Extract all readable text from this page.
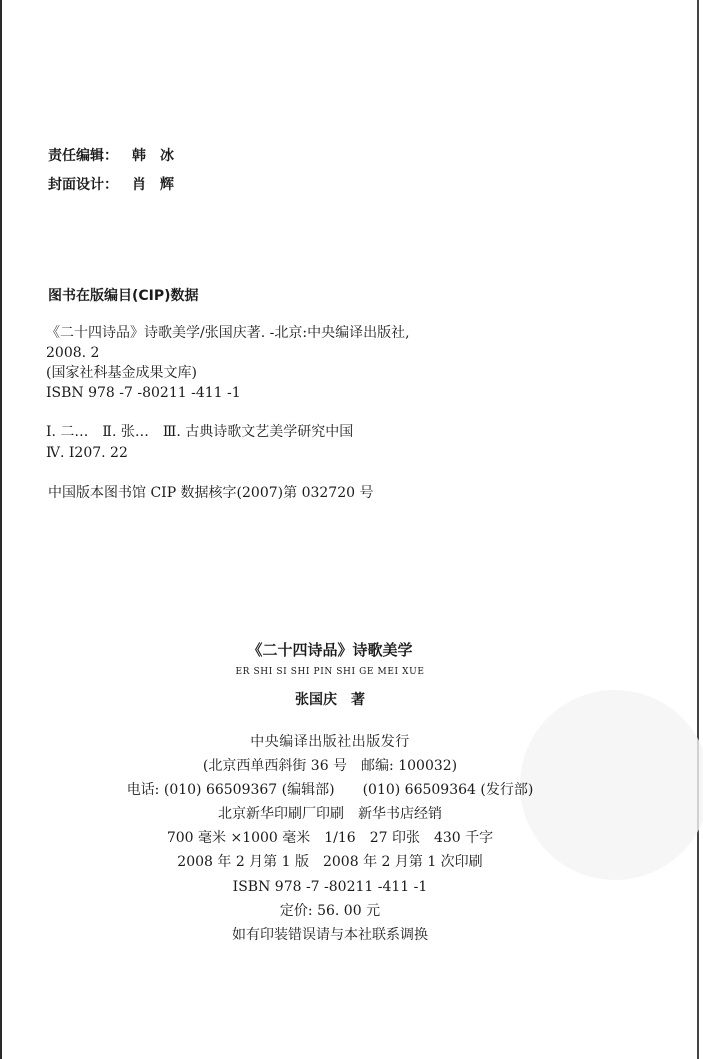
责任编辑： 韩　冰
封面设计： 肖　辉
图书在版编目(CIP)数据
《二十四诗品》诗歌美学/张国庆著. -北京:中央编译出版社,
2008. 2
(国家社科基金成果文库)
ISBN 978 -7 -80211 -411 -1
Ⅰ. 二…　Ⅱ. 张…　Ⅲ. 古典诗歌文艺美学研究中国
Ⅳ. I207. 22
中国版本图书馆 CIP 数据核字(2007)第 032720 号
《二十四诗品》诗歌美学
ER SHI SI SHI PIN SHI GE MEI XUE
张国庆　著
中央编译出版社出版发行
(北京西单西斜街 36 号　邮编: 100032)
电话: (010) 66509367 (编辑部)　　(010) 66509364 (发行部)
北京新华印刷厂印刷　新华书店经销
700 毫米 ×1000 毫米　1/16　27 印张　430 千字
2008 年 2 月第 1 版　2008 年 2 月第 1 次印刷
ISBN 978 -7 -80211 -411 -1
定价: 56. 00 元
如有印装错误请与本社联系调换
